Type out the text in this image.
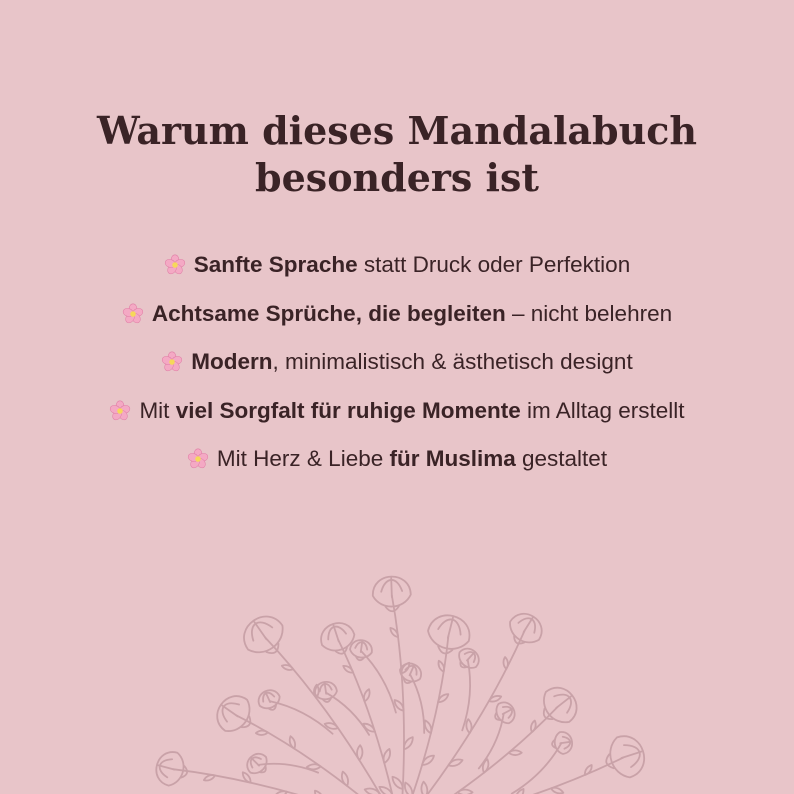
Warum dieses Mandalabuch
besonders ist
Sanfte Sprache statt Druck oder Perfektion
Achtsame Sprüche, die begleiten – nicht belehren
Modern, minimalistisch & ästhetisch designt
Mit viel Sorgfalt für ruhige Momente im Alltag erstellt
Mit Herz & Liebe für Muslima gestaltet
